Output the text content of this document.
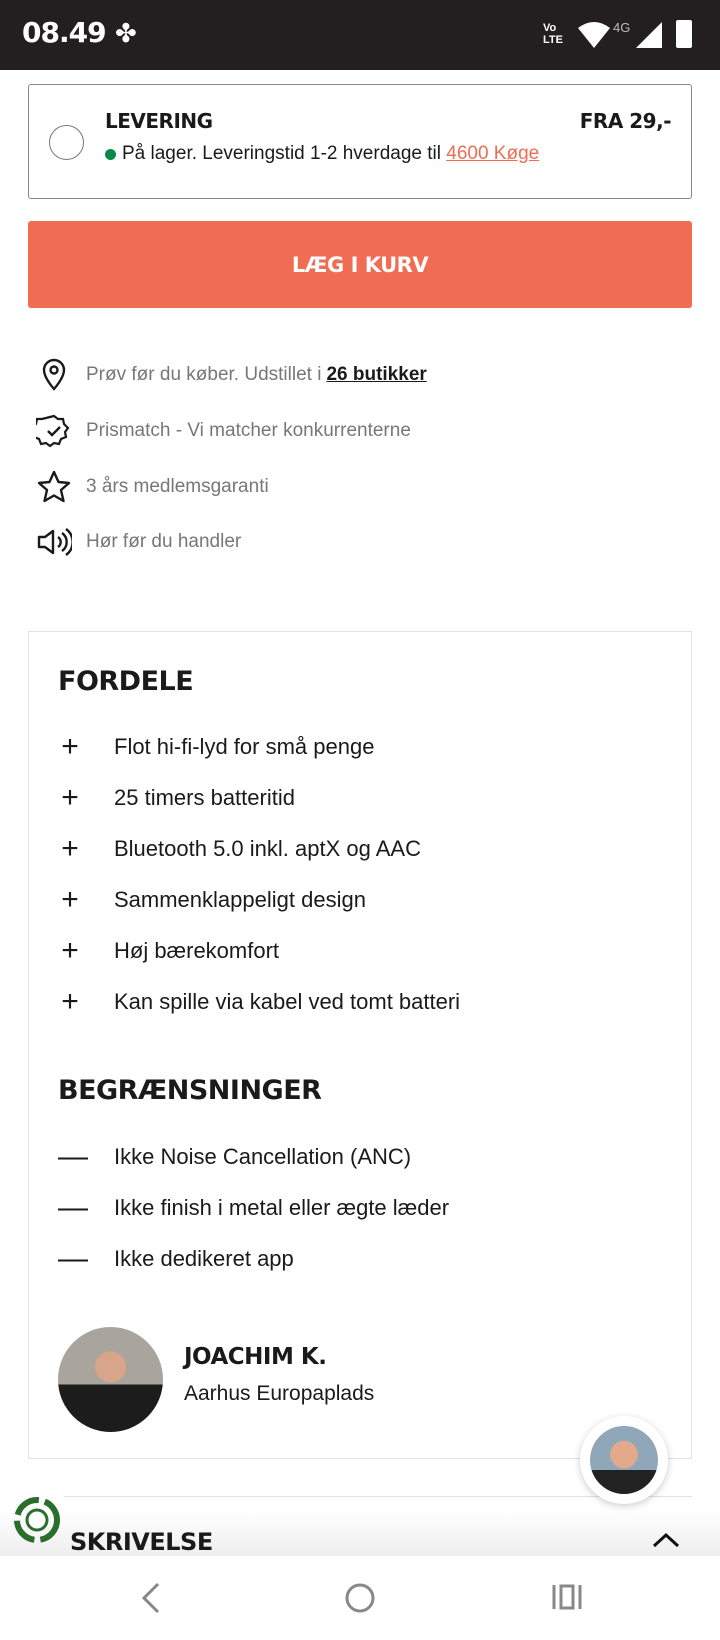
08.49 ✤	Vo LTE
4G
LEVERING	FRA 29,-
På lager. Leveringstid 1-2 hverdage til
4600 Køge
LÆG I KURV
Prøv før du køber. Udstillet i 26 butikker
Prismatch - Vi matcher konkurrenterne
3 års medlemsgaranti
Hør før du handler
FORDELE
+ Flot hi-fi-lyd for små penge
+ 25 timers batteritid
+ Bluetooth 5.0 inkl. aptX og AAC
+ Sammenklappeligt design
+ Høj bærekomfort
+ Kan spille via kabel ved tomt batteri
BEGRÆNSNINGER
— Ikke Noise Cancellation (ANC)
— Ikke finish i metal eller ægte læder
— Ikke dedikeret app
JOACHIM K.
Aarhus Europaplads
SKRIVELSE
